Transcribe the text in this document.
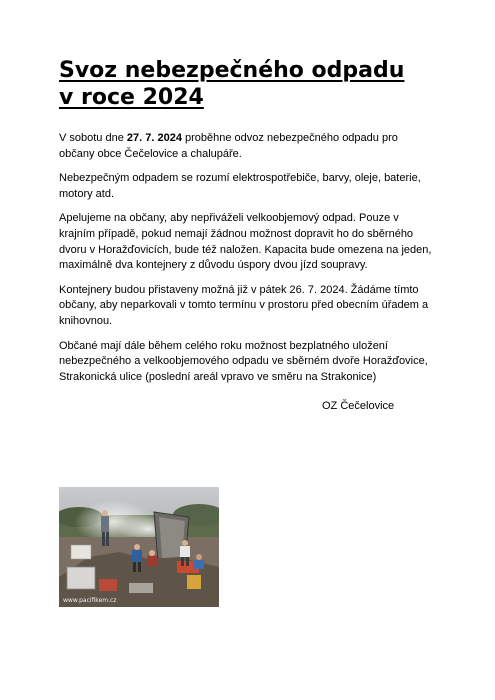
Svoz nebezpečného odpadu
v roce 2024

V sobotu dne 27. 7. 2024 proběhne odvoz nebezpečného odpadu pro občany obce Čečelovice a chalupáře.

Nebezpečným odpadem se rozumí elektrospotřebiče, barvy, oleje, baterie, motory atd.

Apelujeme na občany, aby nepřiváželi velkoobjemový odpad. Pouze v krajním případě, pokud nemají žádnou možnost dopravit ho do sběrného dvoru v Horažďovicích, bude též naložen. Kapacita bude omezena na jeden, maximálně dva kontejnery z důvodu úspory dvou jízd soupravy.

Kontejnery budou přistaveny možná již v pátek 26. 7. 2024. Žádáme tímto občany, aby neparkovali v tomto termínu v prostoru před obecním úřadem a knihovnou.

Občané mají dále během celého roku možnost bezplatného uložení nebezpečného a velkoobjemového odpadu ve sběrném dvoře Horažďovice, Strakonická ulice (poslední areál vpravo ve směru na Strakonice)

OZ Čečelovice
www.pacifikem.cz
